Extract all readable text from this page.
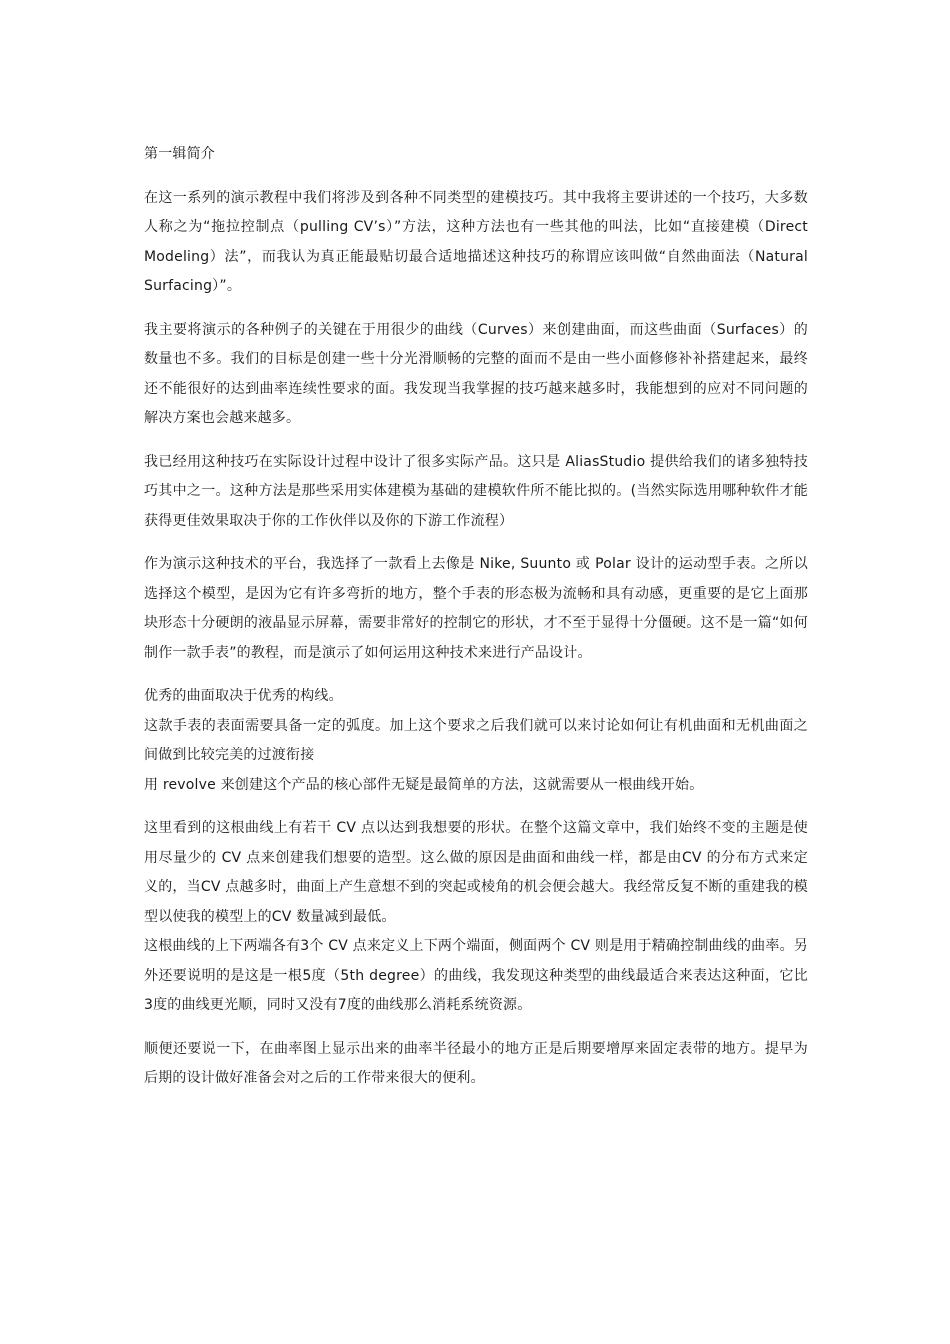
第一辑简介

在这一系列的演示教程中我们将涉及到各种不同类型的建模技巧。其中我将主要讲述的一个技巧，大多数人称之为“拖拉控制点（pulling CV’s）”方法，这种方法也有一些其他的叫法，比如“直接建模（Direct Modeling）法”，而我认为真正能最贴切最合适地描述这种技巧的称谓应该叫做“自然曲面法（Natural Surfacing）”。

我主要将演示的各种例子的关键在于用很少的曲线（Curves）来创建曲面，而这些曲面（Surfaces）的数量也不多。我们的目标是创建一些十分光滑顺畅的完整的面而不是由一些小面修修补补搭建起来，最终还不能很好的达到曲率连续性要求的面。我发现当我掌握的技巧越来越多时，我能想到的应对不同问题的解决方案也会越来越多。

我已经用这种技巧在实际设计过程中设计了很多实际产品。这只是 AliasStudio 提供给我们的诸多独特技巧其中之一。这种方法是那些采用实体建模为基础的建模软件所不能比拟的。(当然实际选用哪种软件才能获得更佳效果取决于你的工作伙伴以及你的下游工作流程）

作为演示这种技术的平台，我选择了一款看上去像是 Nike, Suunto 或 Polar 设计的运动型手表。之所以选择这个模型，是因为它有许多弯折的地方，整个手表的形态极为流畅和具有动感，更重要的是它上面那块形态十分硬朗的液晶显示屏幕，需要非常好的控制它的形状，才不至于显得十分僵硬。这不是一篇“如何制作一款手表”的教程，而是演示了如何运用这种技术来进行产品设计。

优秀的曲面取决于优秀的构线。

这款手表的表面需要具备一定的弧度。加上这个要求之后我们就可以来讨论如何让有机曲面和无机曲面之间做到比较完美的过渡衔接

用 revolve 来创建这个产品的核心部件无疑是最简单的方法，这就需要从一根曲线开始。

这里看到的这根曲线上有若干 CV 点以达到我想要的形状。在整个这篇文章中，我们始终不变的主题是使用尽量少的 CV 点来创建我们想要的造型。这么做的原因是曲面和曲线一样，都是由CV 的分布方式来定义的，当CV 点越多时，曲面上产生意想不到的突起或棱角的机会便会越大。我经常反复不断的重建我的模型以使我的模型上的CV 数量减到最低。

这根曲线的上下两端各有3个 CV 点来定义上下两个端面，侧面两个 CV 则是用于精确控制曲线的曲率。另外还要说明的是这是一根5度（5th degree）的曲线，我发现这种类型的曲线最适合来表达这种面，它比3度的曲线更光顺，同时又没有7度的曲线那么消耗系统资源。

顺便还要说一下，在曲率图上显示出来的曲率半径最小的地方正是后期要增厚来固定表带的地方。提早为后期的设计做好准备会对之后的工作带来很大的便利。
